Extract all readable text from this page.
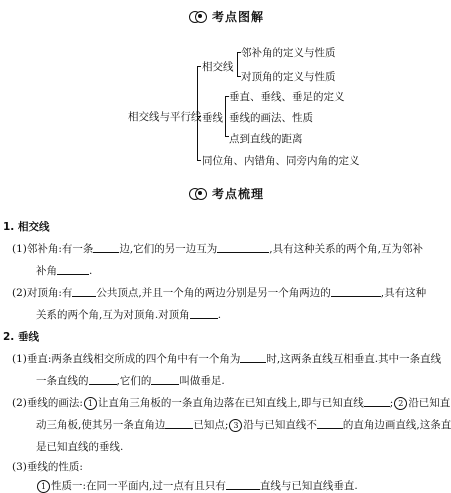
考点图解
相交线与平行线
相交线
邻补角的定义与性质
对顶角的定义与性质
垂线
垂直、垂线、垂足的定义
垂线的画法、性质
点到直线的距离
同位角、内错角、同旁内角的定义
考点梳理
1. 相交线
(1)邻补角:有一条 边,它们的另一边互为	,具有这种关系的两个角,互为邻补
补角	.
(2)对顶角:有 公共顶点,并且一个角的两边分别是另一个角两边的	,具有这种
关系的两个角,互为对顶角.对顶角	.
2. 垂线
(1)垂直:两条直线相交所成的四个角中有一个角为 时,这两条直线互相垂直.其中一条直线
一条直线的	,它们的	叫做垂足.
(2)垂线的画法: 1 让直角三角板的一条直角边落在已知直线上,即与已知直线 ; 2 沿已知直
动三角板,使其另一条直角边	已知点; 3 沿与已知直线不 的直角边画直线,这条直
是已知直线的垂线.
(3)垂线的性质:
1 性质一:在同一平面内,过一点有且只有	直线与已知直线垂直.
